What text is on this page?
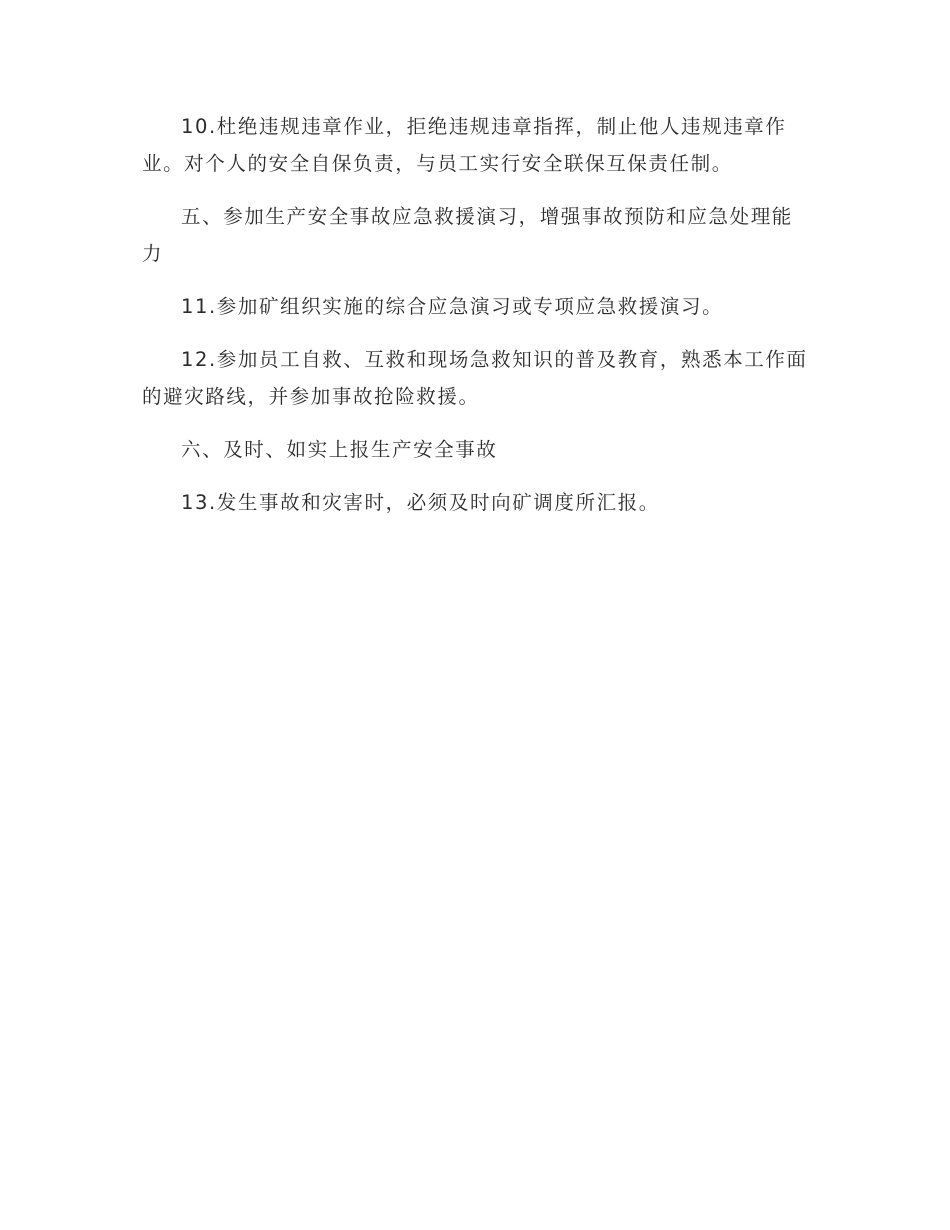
10.杜绝违规违章作业，拒绝违规违章指挥，制止他人违规违章作业。对个人的安全自保负责，与员工实行安全联保互保责任制。

五、参加生产安全事故应急救援演习，增强事故预防和应急处理能力

11.参加矿组织实施的综合应急演习或专项应急救援演习。

12.参加员工自救、互救和现场急救知识的普及教育，熟悉本工作面的避灾路线，并参加事故抢险救援。

六、及时、如实上报生产安全事故

13.发生事故和灾害时，必须及时向矿调度所汇报。
